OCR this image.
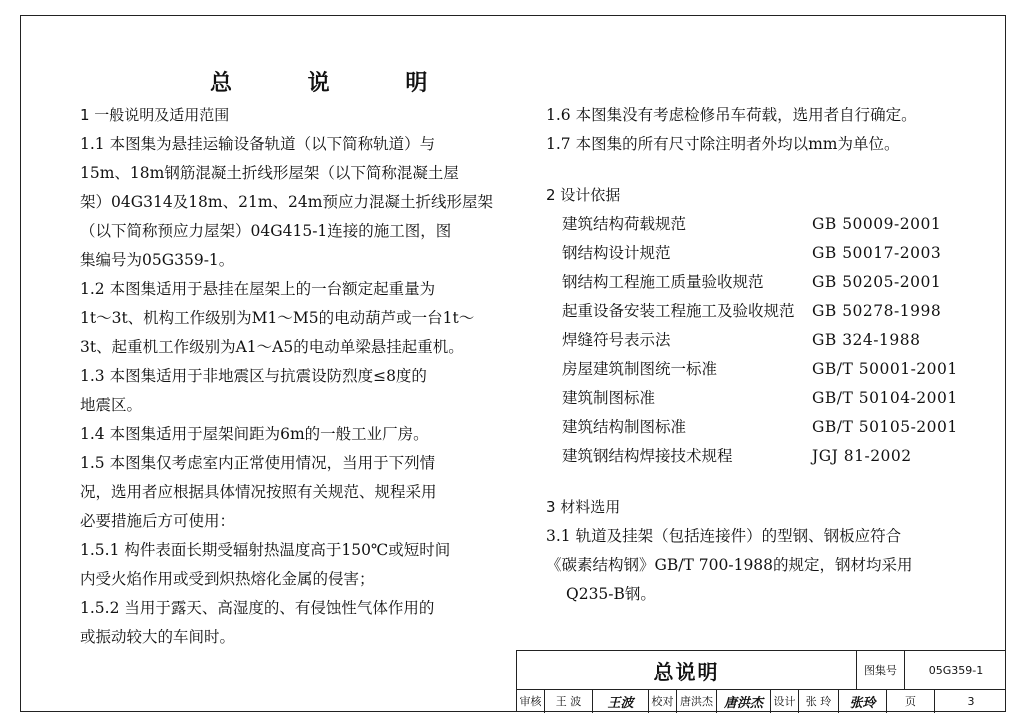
总 说 明
1 一般说明及适用范围
1.1 本图集为悬挂运输设备轨道（以下简称轨道）与
15m、18m钢筋混凝土折线形屋架（以下简称混凝土屋
架）04G314及18m、21m、24m预应力混凝土折线形屋架
（以下简称预应力屋架）04G415-1连接的施工图，图
集编号为05G359-1。
1.2 本图集适用于悬挂在屋架上的一台额定起重量为
1t～3t、机构工作级别为M1～M5的电动葫芦或一台1t～
3t、起重机工作级别为A1～A5的电动单梁悬挂起重机。
1.3 本图集适用于非地震区与抗震设防烈度≤8度的
地震区。
1.4 本图集适用于屋架间距为6m的一般工业厂房。
1.5 本图集仅考虑室内正常使用情况，当用于下列情
况，选用者应根据具体情况按照有关规范、规程采用
必要措施后方可使用：
1.5.1 构件表面长期受辐射热温度高于150℃或短时间
内受火焰作用或受到炽热熔化金属的侵害；
1.5.2 当用于露天、高湿度的、有侵蚀性气体作用的
或振动较大的车间时。
1.6 本图集没有考虑检修吊车荷载，选用者自行确定。
1.7 本图集的所有尺寸除注明者外均以mm为单位。
2 设计依据
建筑结构荷载规范	GB 50009-2001
钢结构设计规范	GB 50017-2003
钢结构工程施工质量验收规范	GB 50205-2001
起重设备安装工程施工及验收规范	GB 50278-1998
焊缝符号表示法	GB 324-1988
房屋建筑制图统一标准	GB/T 50001-2001
建筑制图标准	GB/T 50104-2001
建筑结构制图标准	GB/T 50105-2001
建筑钢结构焊接技术规程	JGJ 81-2002
3 材料选用
3.1 轨道及挂架（包括连接件）的型钢、钢板应符合
《碳素结构钢》GB/T 700-1988的规定，钢材均采用
Q235-B钢。
总说明	图集号	05G359-1
审核	王 波	王波	校对 唐洪杰 唐洪杰 设计 张 玲	张玲	页	3
